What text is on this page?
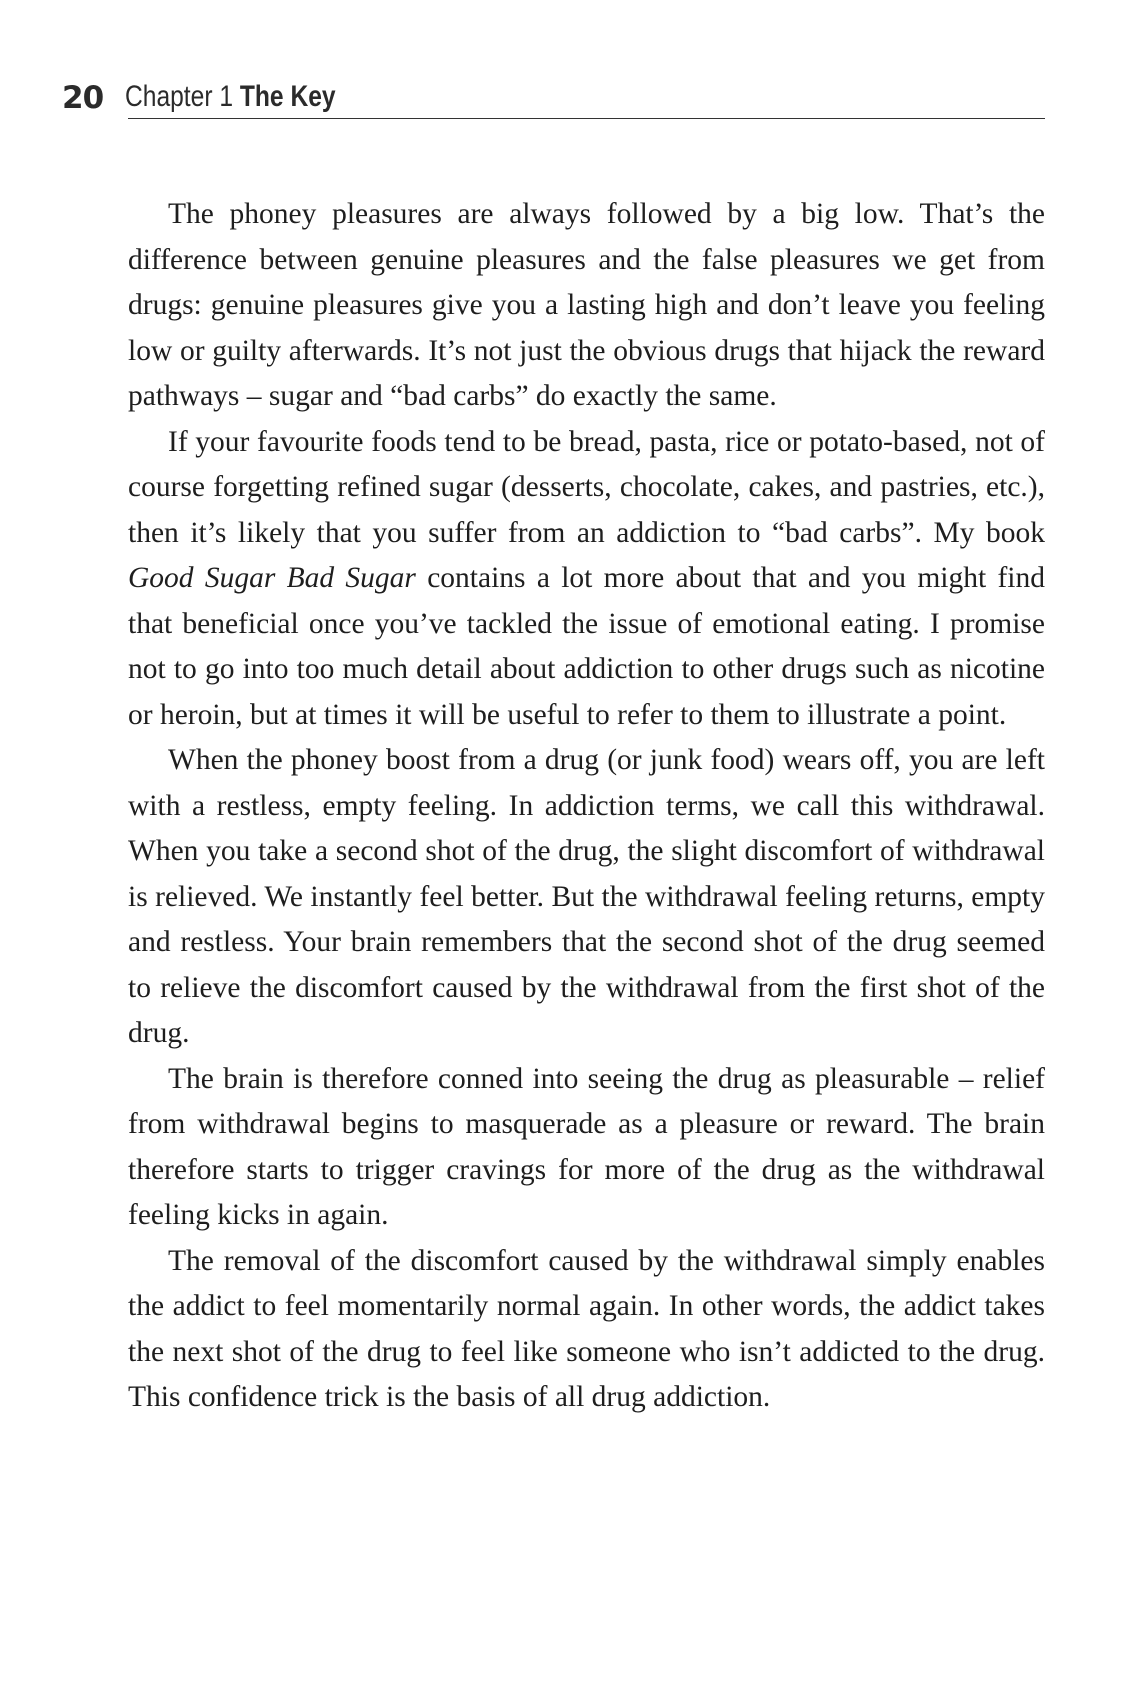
20 Chapter 1 The Key

The phoney pleasures are always followed by a big low. That’s the difference between genuine pleasures and the false pleasures we get from drugs: genuine pleasures give you a lasting high and don’t leave you feeling low or guilty afterwards. It’s not just the obvious drugs that hijack the reward pathways – sugar and “bad carbs” do exactly the same.

If your favourite foods tend to be bread, pasta, rice or potato-based, not of course forgetting refined sugar (desserts, chocolate, cakes, and pastries, etc.), then it’s likely that you suffer from an addiction to “bad carbs”. My book Good Sugar Bad Sugar contains a lot more about that and you might find that beneficial once you’ve tackled the issue of emotional eating. I promise not to go into too much detail about addiction to other drugs such as nicotine or heroin, but at times it will be useful to refer to them to illustrate a point.

When the phoney boost from a drug (or junk food) wears off, you are left with a restless, empty feeling. In addiction terms, we call this withdrawal. When you take a second shot of the drug, the slight discomfort of withdrawal is relieved. We instantly feel better. But the withdrawal feeling returns, empty and restless. Your brain remembers that the second shot of the drug seemed to relieve the discomfort caused by the withdrawal from the first shot of the drug.

The brain is therefore conned into seeing the drug as pleasurable – relief from withdrawal begins to masquerade as a pleasure or reward. The brain therefore starts to trigger cravings for more of the drug as the withdrawal feeling kicks in again.

The removal of the discomfort caused by the withdrawal simply enables the addict to feel momentarily normal again. In other words, the addict takes the next shot of the drug to feel like someone who isn’t addicted to the drug. This confidence trick is the basis of all drug addiction.
